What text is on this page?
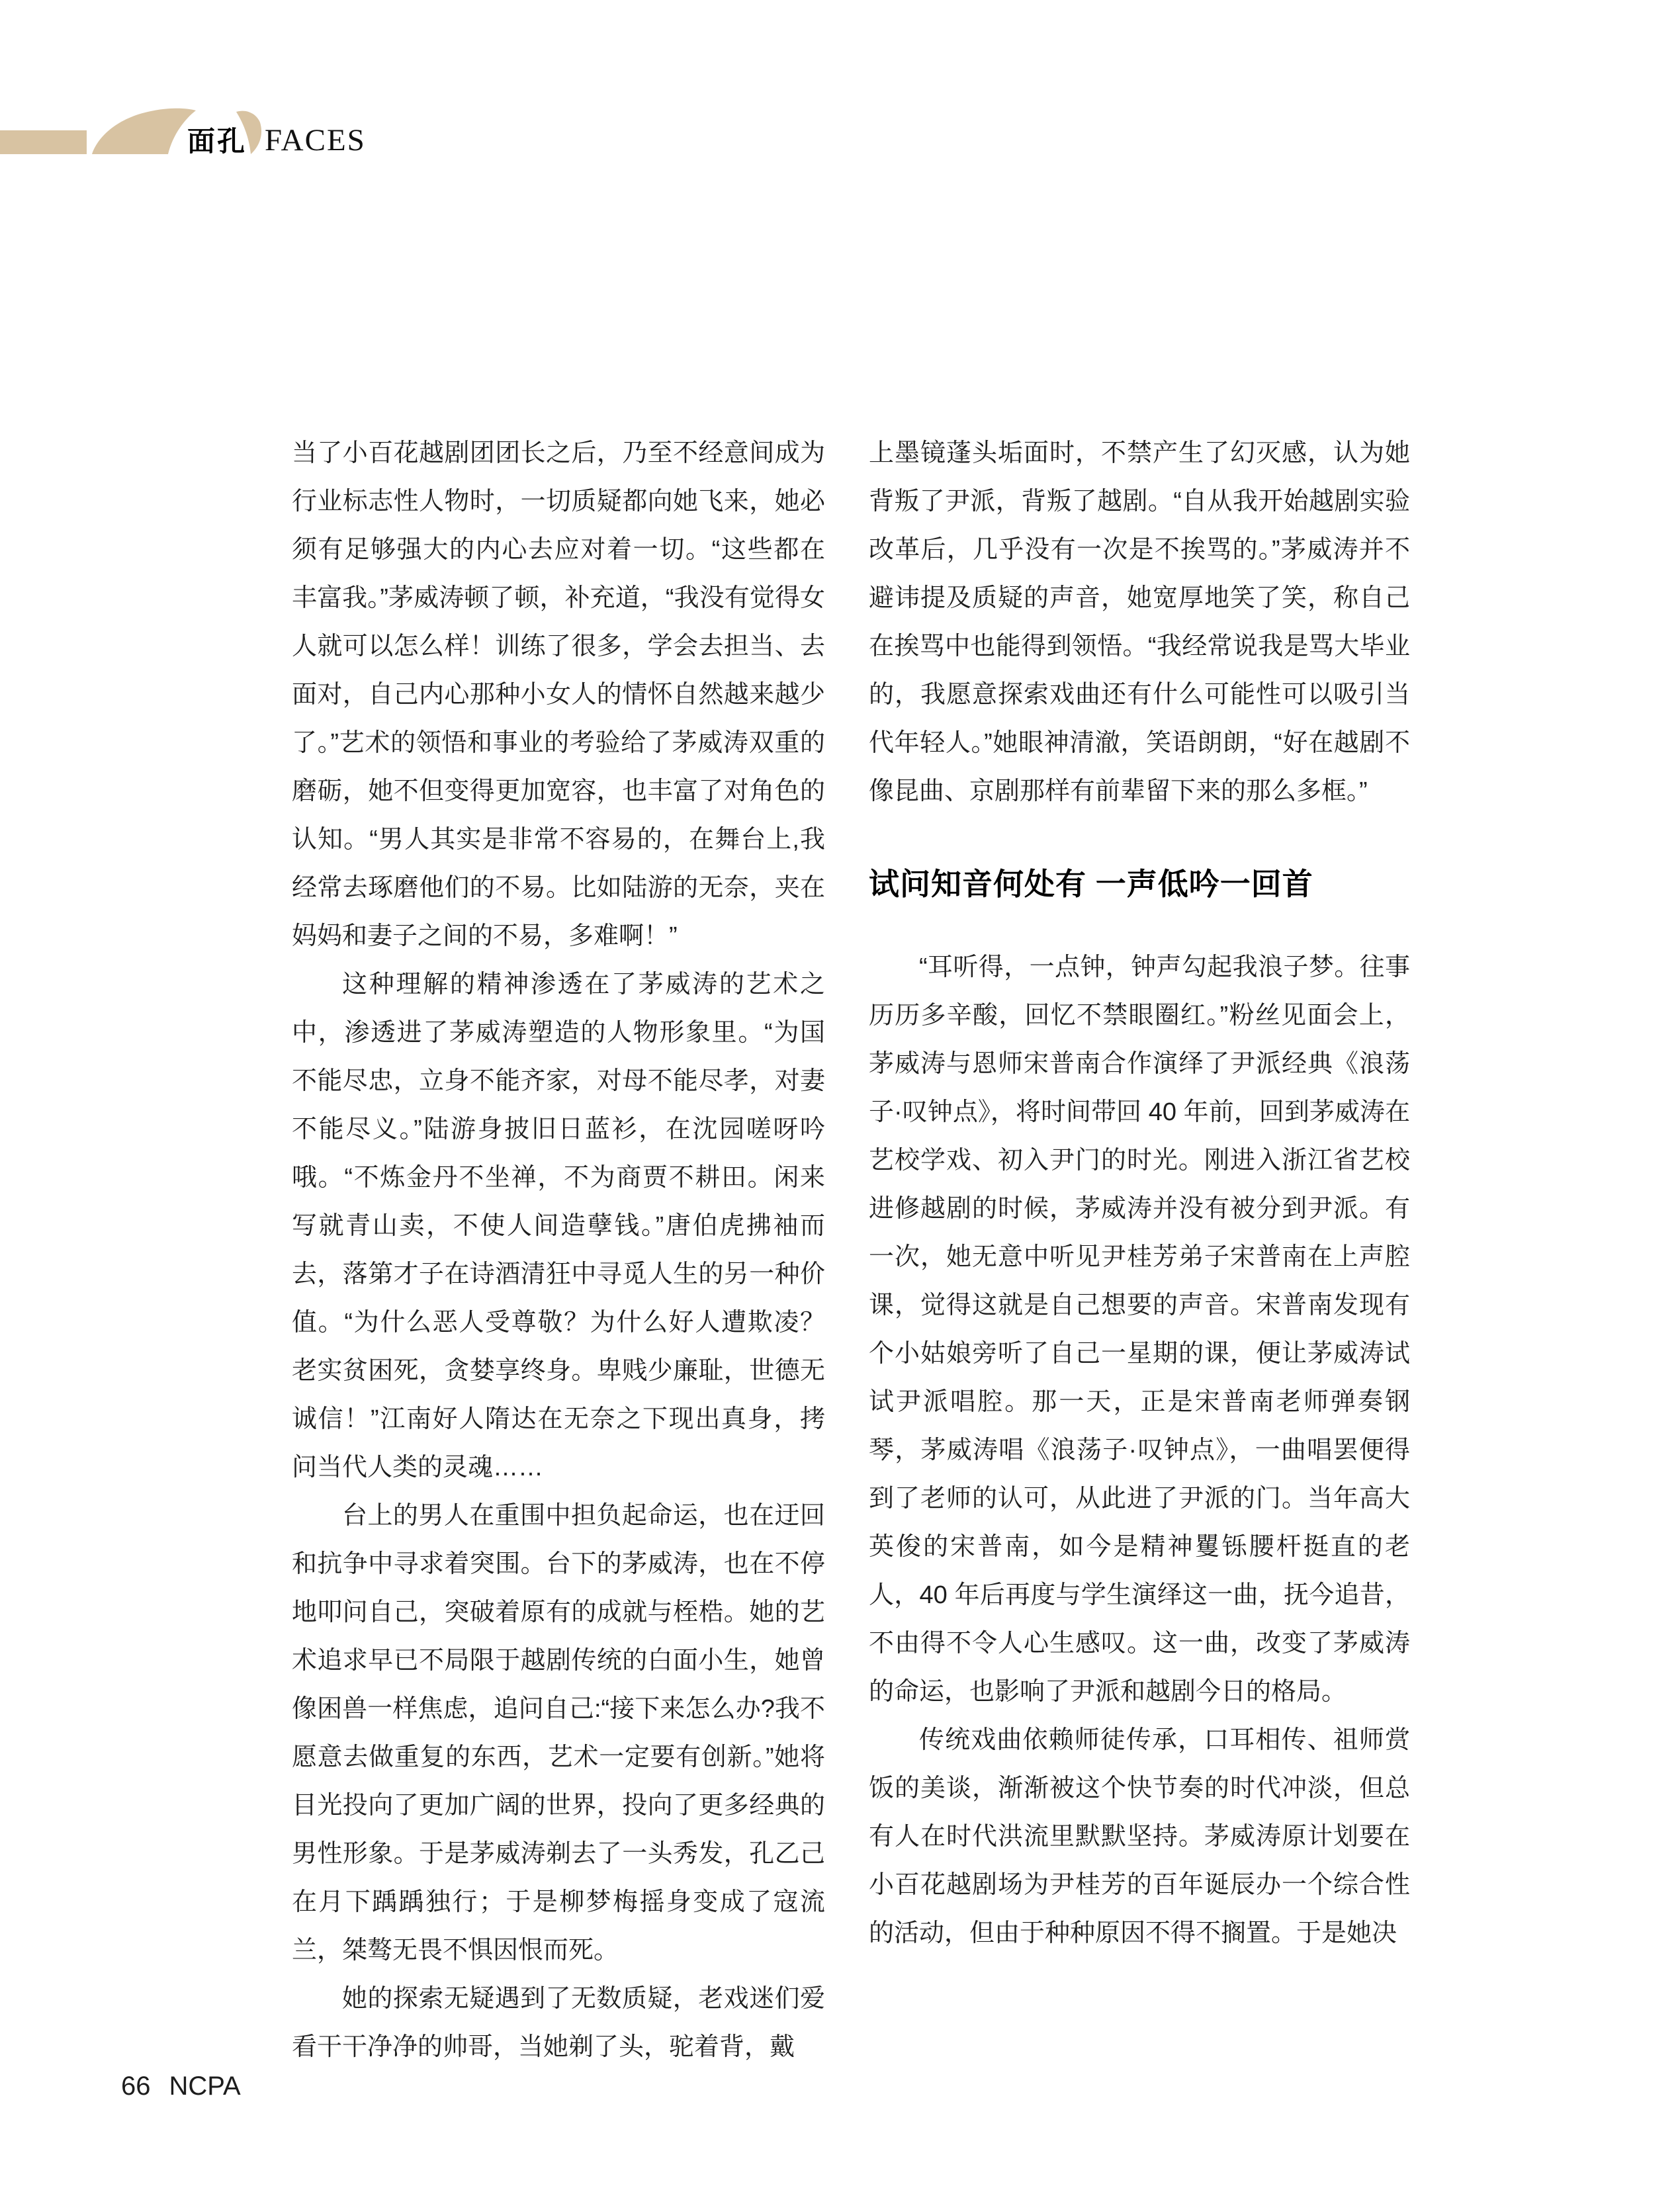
面孔 FACES

当了小百花越剧团团长之后，乃至不经意间成为行业标志性人物时，一切质疑都向她飞来，她必须有足够强大的内心去应对着一切。“这些都在丰富我。”茅威涛顿了顿，补充道，“我没有觉得女人就可以怎么样！训练了很多，学会去担当、去面对，自己内心那种小女人的情怀自然越来越少了。”艺术的领悟和事业的考验给了茅威涛双重的磨砺，她不但变得更加宽容，也丰富了对角色的认知。“男人其实是非常不容易的，在舞台上,我经常去琢磨他们的不易。比如陆游的无奈，夹在妈妈和妻子之间的不易，多难啊！”

这种理解的精神渗透在了茅威涛的艺术之中，渗透进了茅威涛塑造的人物形象里。“为国不能尽忠，立身不能齐家，对母不能尽孝，对妻不能尽义。”陆游身披旧日蓝衫，在沈园嗟呀吟哦。“不炼金丹不坐禅，不为商贾不耕田。闲来写就青山卖，不使人间造孽钱。”唐伯虎拂袖而去，落第才子在诗酒清狂中寻觅人生的另一种价值。“为什么恶人受尊敬？为什么好人遭欺凌？老实贫困死，贪婪享终身。卑贱少廉耻，世德无诚信！”江南好人隋达在无奈之下现出真身，拷问当代人类的灵魂……

台上的男人在重围中担负起命运，也在迂回和抗争中寻求着突围。台下的茅威涛，也在不停地叩问自己，突破着原有的成就与桎梏。她的艺术追求早已不局限于越剧传统的白面小生，她曾像困兽一样焦虑，追问自己:“接下来怎么办?我不愿意去做重复的东西，艺术一定要有创新。”她将目光投向了更加广阔的世界，投向了更多经典的男性形象。于是茅威涛剃去了一头秀发，孔乙己在月下踽踽独行；于是柳梦梅摇身变成了寇流兰，桀骜无畏不惧因恨而死。

她的探索无疑遇到了无数质疑，老戏迷们爱看干干净净的帅哥，当她剃了头，驼着背，戴

上墨镜蓬头垢面时，不禁产生了幻灭感，认为她背叛了尹派，背叛了越剧。“自从我开始越剧实验改革后，几乎没有一次是不挨骂的。”茅威涛并不避讳提及质疑的声音，她宽厚地笑了笑，称自己在挨骂中也能得到领悟。“我经常说我是骂大毕业的，我愿意探索戏曲还有什么可能性可以吸引当代年轻人。”她眼神清澈，笑语朗朗，“好在越剧不像昆曲、京剧那样有前辈留下来的那么多框。”

试问知音何处有 一声低吟一回首

“耳听得，一点钟，钟声勾起我浪子梦。往事历历多辛酸，回忆不禁眼圈红。”粉丝见面会上，茅威涛与恩师宋普南合作演绎了尹派经典《浪荡子·叹钟点》，将时间带回 40 年前，回到茅威涛在艺校学戏、初入尹门的时光。刚进入浙江省艺校进修越剧的时候，茅威涛并没有被分到尹派。有一次，她无意中听见尹桂芳弟子宋普南在上声腔课，觉得这就是自己想要的声音。宋普南发现有个小姑娘旁听了自己一星期的课，便让茅威涛试试尹派唱腔。那一天，正是宋普南老师弹奏钢琴，茅威涛唱《浪荡子·叹钟点》，一曲唱罢便得到了老师的认可，从此进了尹派的门。当年高大英俊的宋普南，如今是精神矍铄腰杆挺直的老人，40 年后再度与学生演绎这一曲，抚今追昔，不由得不令人心生感叹。这一曲，改变了茅威涛的命运，也影响了尹派和越剧今日的格局。

传统戏曲依赖师徒传承，口耳相传、祖师赏饭的美谈，渐渐被这个快节奏的时代冲淡，但总有人在时代洪流里默默坚持。茅威涛原计划要在小百花越剧场为尹桂芳的百年诞辰办一个综合性的活动，但由于种种原因不得不搁置。于是她决

66 NCPA
